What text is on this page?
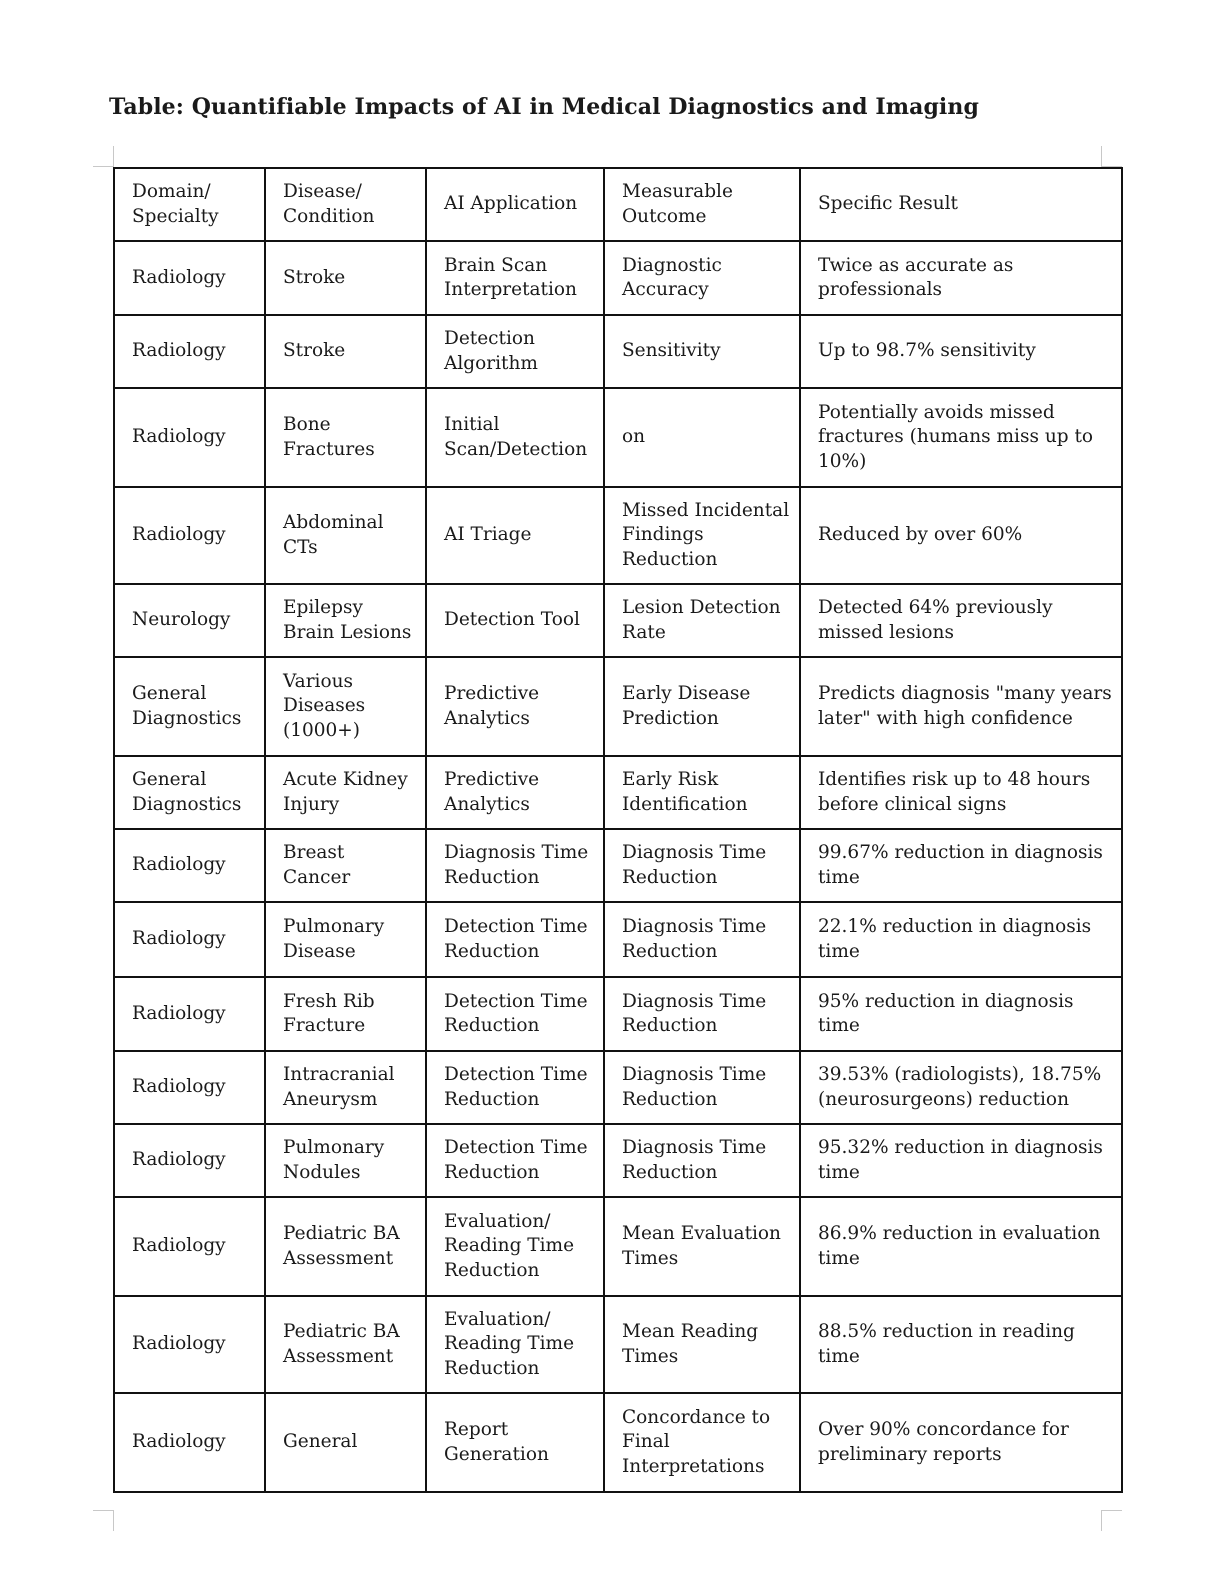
Table: Quantifiable Impacts of AI in Medical Diagnostics and Imaging
Domain/ Specialty	Disease/ Condition	AI Application	Measurable Outcome	Specific Result
Radiology	Stroke	Brain Scan Interpretation	Diagnostic Accuracy	Twice as accurate as professionals
Radiology	Stroke	Detection Algorithm	Sensitivity	Up to 98.7% sensitivity
Radiology	Bone Fractures	Initial Scan/Detection	on	Potentially avoids missed fractures (humans miss up to 10%)
Radiology	Abdominal CTs	AI Triage	Missed Incidental Findings Reduction	Reduced by over 60%
Neurology	Epilepsy Brain Lesions	Detection Tool	Lesion Detection Rate	Detected 64% previously missed lesions
General Diagnostics	Various Diseases (1000+)	Predictive Analytics	Early Disease Prediction	Predicts diagnosis "many years later" with high confidence
General Diagnostics	Acute Kidney Injury	Predictive Analytics	Early Risk Identification	Identifies risk up to 48 hours before clinical signs
Radiology	Breast Cancer	Diagnosis Time Reduction	Diagnosis Time Reduction	99.67% reduction in diagnosis time
Radiology	Pulmonary Disease	Detection Time Reduction	Diagnosis Time Reduction	22.1% reduction in diagnosis time
Radiology	Fresh Rib Fracture	Detection Time Reduction	Diagnosis Time Reduction	95% reduction in diagnosis time
Radiology	Intracranial Aneurysm	Detection Time Reduction	Diagnosis Time Reduction	39.53% (radiologists), 18.75% (neurosurgeons) reduction
Radiology	Pulmonary Nodules	Detection Time Reduction	Diagnosis Time Reduction	95.32% reduction in diagnosis time
Radiology	Pediatric BA Assessment	Evaluation/ Reading Time Reduction	Mean Evaluation Times	86.9% reduction in evaluation time
Radiology	Pediatric BA Assessment	Evaluation/ Reading Time Reduction	Mean Reading Times	88.5% reduction in reading time
Radiology	General	Report Generation	Concordance to Final Interpretations	Over 90% concordance for preliminary reports
